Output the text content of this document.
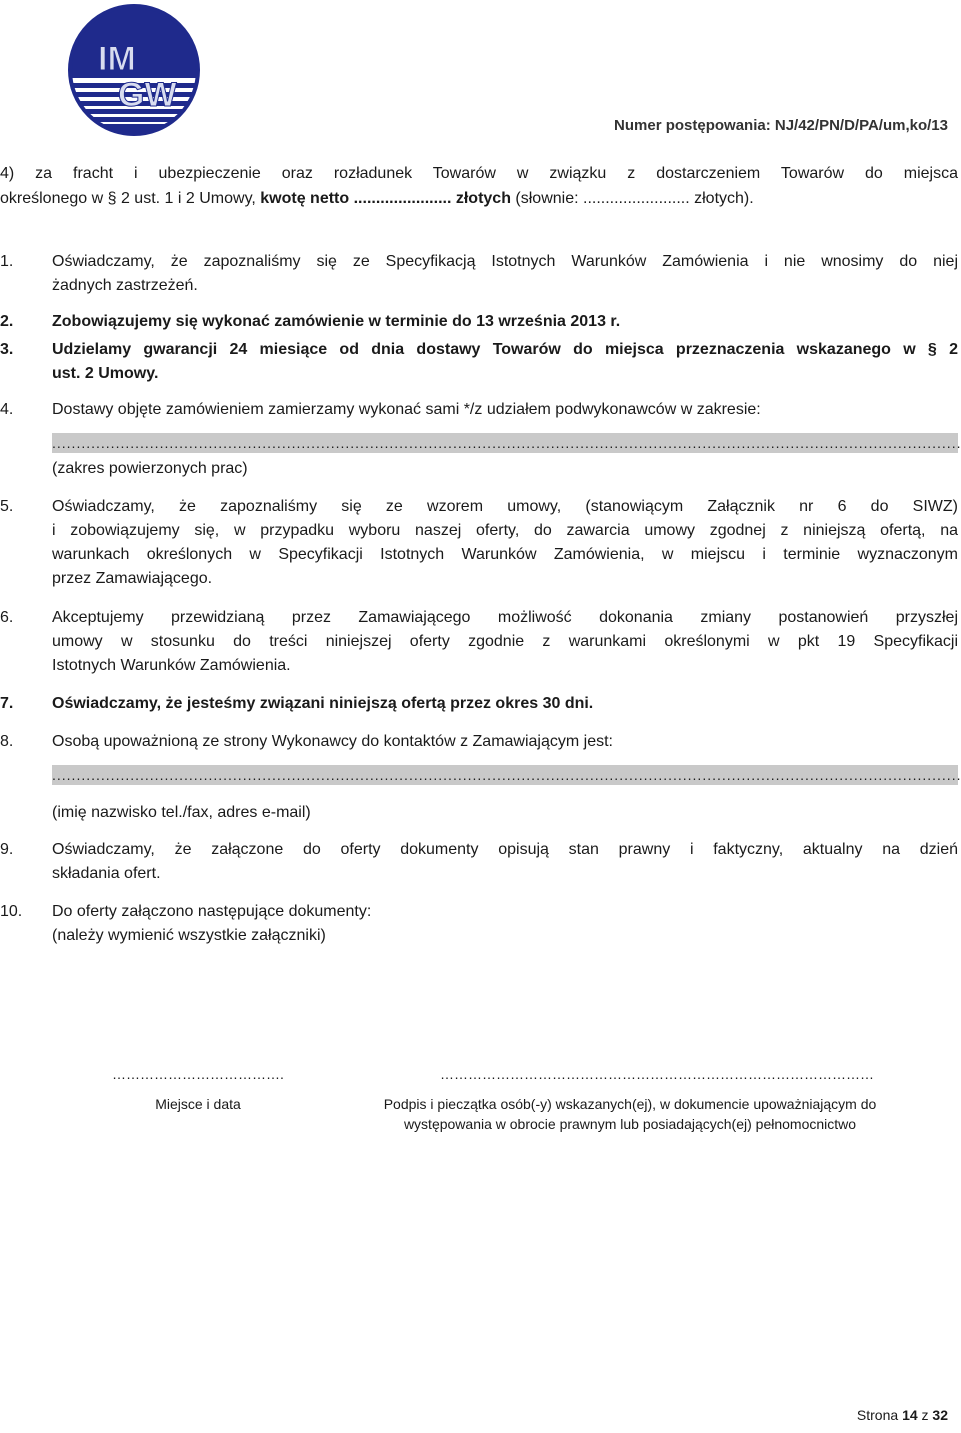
IM
GW
Numer postępowania: NJ/42/PN/D/PA/um,ko/13
4) za fracht i ubezpieczenie oraz rozładunek Towarów w związku z dostarczeniem Towarów do miejsca
określonego w § 2 ust. 1 i 2 Umowy, kwotę netto ...................... złotych (słownie: ........................ złotych).
1. Oświadczamy, że zapoznaliśmy się ze Specyfikacją Istotnych Warunków Zamówienia i nie wnosimy do niej
żadnych zastrzeżeń.
2. Zobowiązujemy się wykonać zamówienie w terminie do 13 września 2013 r.
3. Udzielamy gwarancji 24 miesiące od dnia dostawy Towarów do miejsca przeznaczenia wskazanego w § 2
ust. 2 Umowy.
4. Dostawy objęte zamówieniem zamierzamy wykonać sami */z udziałem podwykonawców w zakresie:
..........................................................................................................................................................................................
(zakres powierzonych prac)
5. Oświadczamy, że zapoznaliśmy się ze wzorem umowy, (stanowiącym Załącznik nr 6 do SIWZ)
i zobowiązujemy się, w przypadku wyboru naszej oferty, do zawarcia umowy zgodnej z niniejszą ofertą, na
warunkach określonych w Specyfikacji Istotnych Warunków Zamówienia, w miejscu i terminie wyznaczonym
przez Zamawiającego.
6. Akceptujemy przewidzianą przez Zamawiającego możliwość dokonania zmiany postanowień przyszłej
umowy w stosunku do treści niniejszej oferty zgodnie z warunkami określonymi w pkt 19 Specyfikacji
Istotnych Warunków Zamówienia.
7. Oświadczamy, że jesteśmy związani niniejszą ofertą przez okres 30 dni.
8. Osobą upoważnioną ze strony Wykonawcy do kontaktów z Zamawiającym jest:
..........................................................................................................................................................................................
(imię nazwisko tel./fax, adres e-mail)
9. Oświadczamy, że załączone do oferty dokumenty opisują stan prawny i faktyczny, aktualny na dzień
składania ofert.
10. Do oferty załączono następujące dokumenty:
(należy wymienić wszystkie załączniki)
……………………………….
Miejsce i data
…………………………………………………………………………………
Podpis i pieczątka osób(-y) wskazanych(ej), w dokumencie upoważniającym do
występowania w obrocie prawnym lub posiadających(ej) pełnomocnictwo
Strona 14 z 32
